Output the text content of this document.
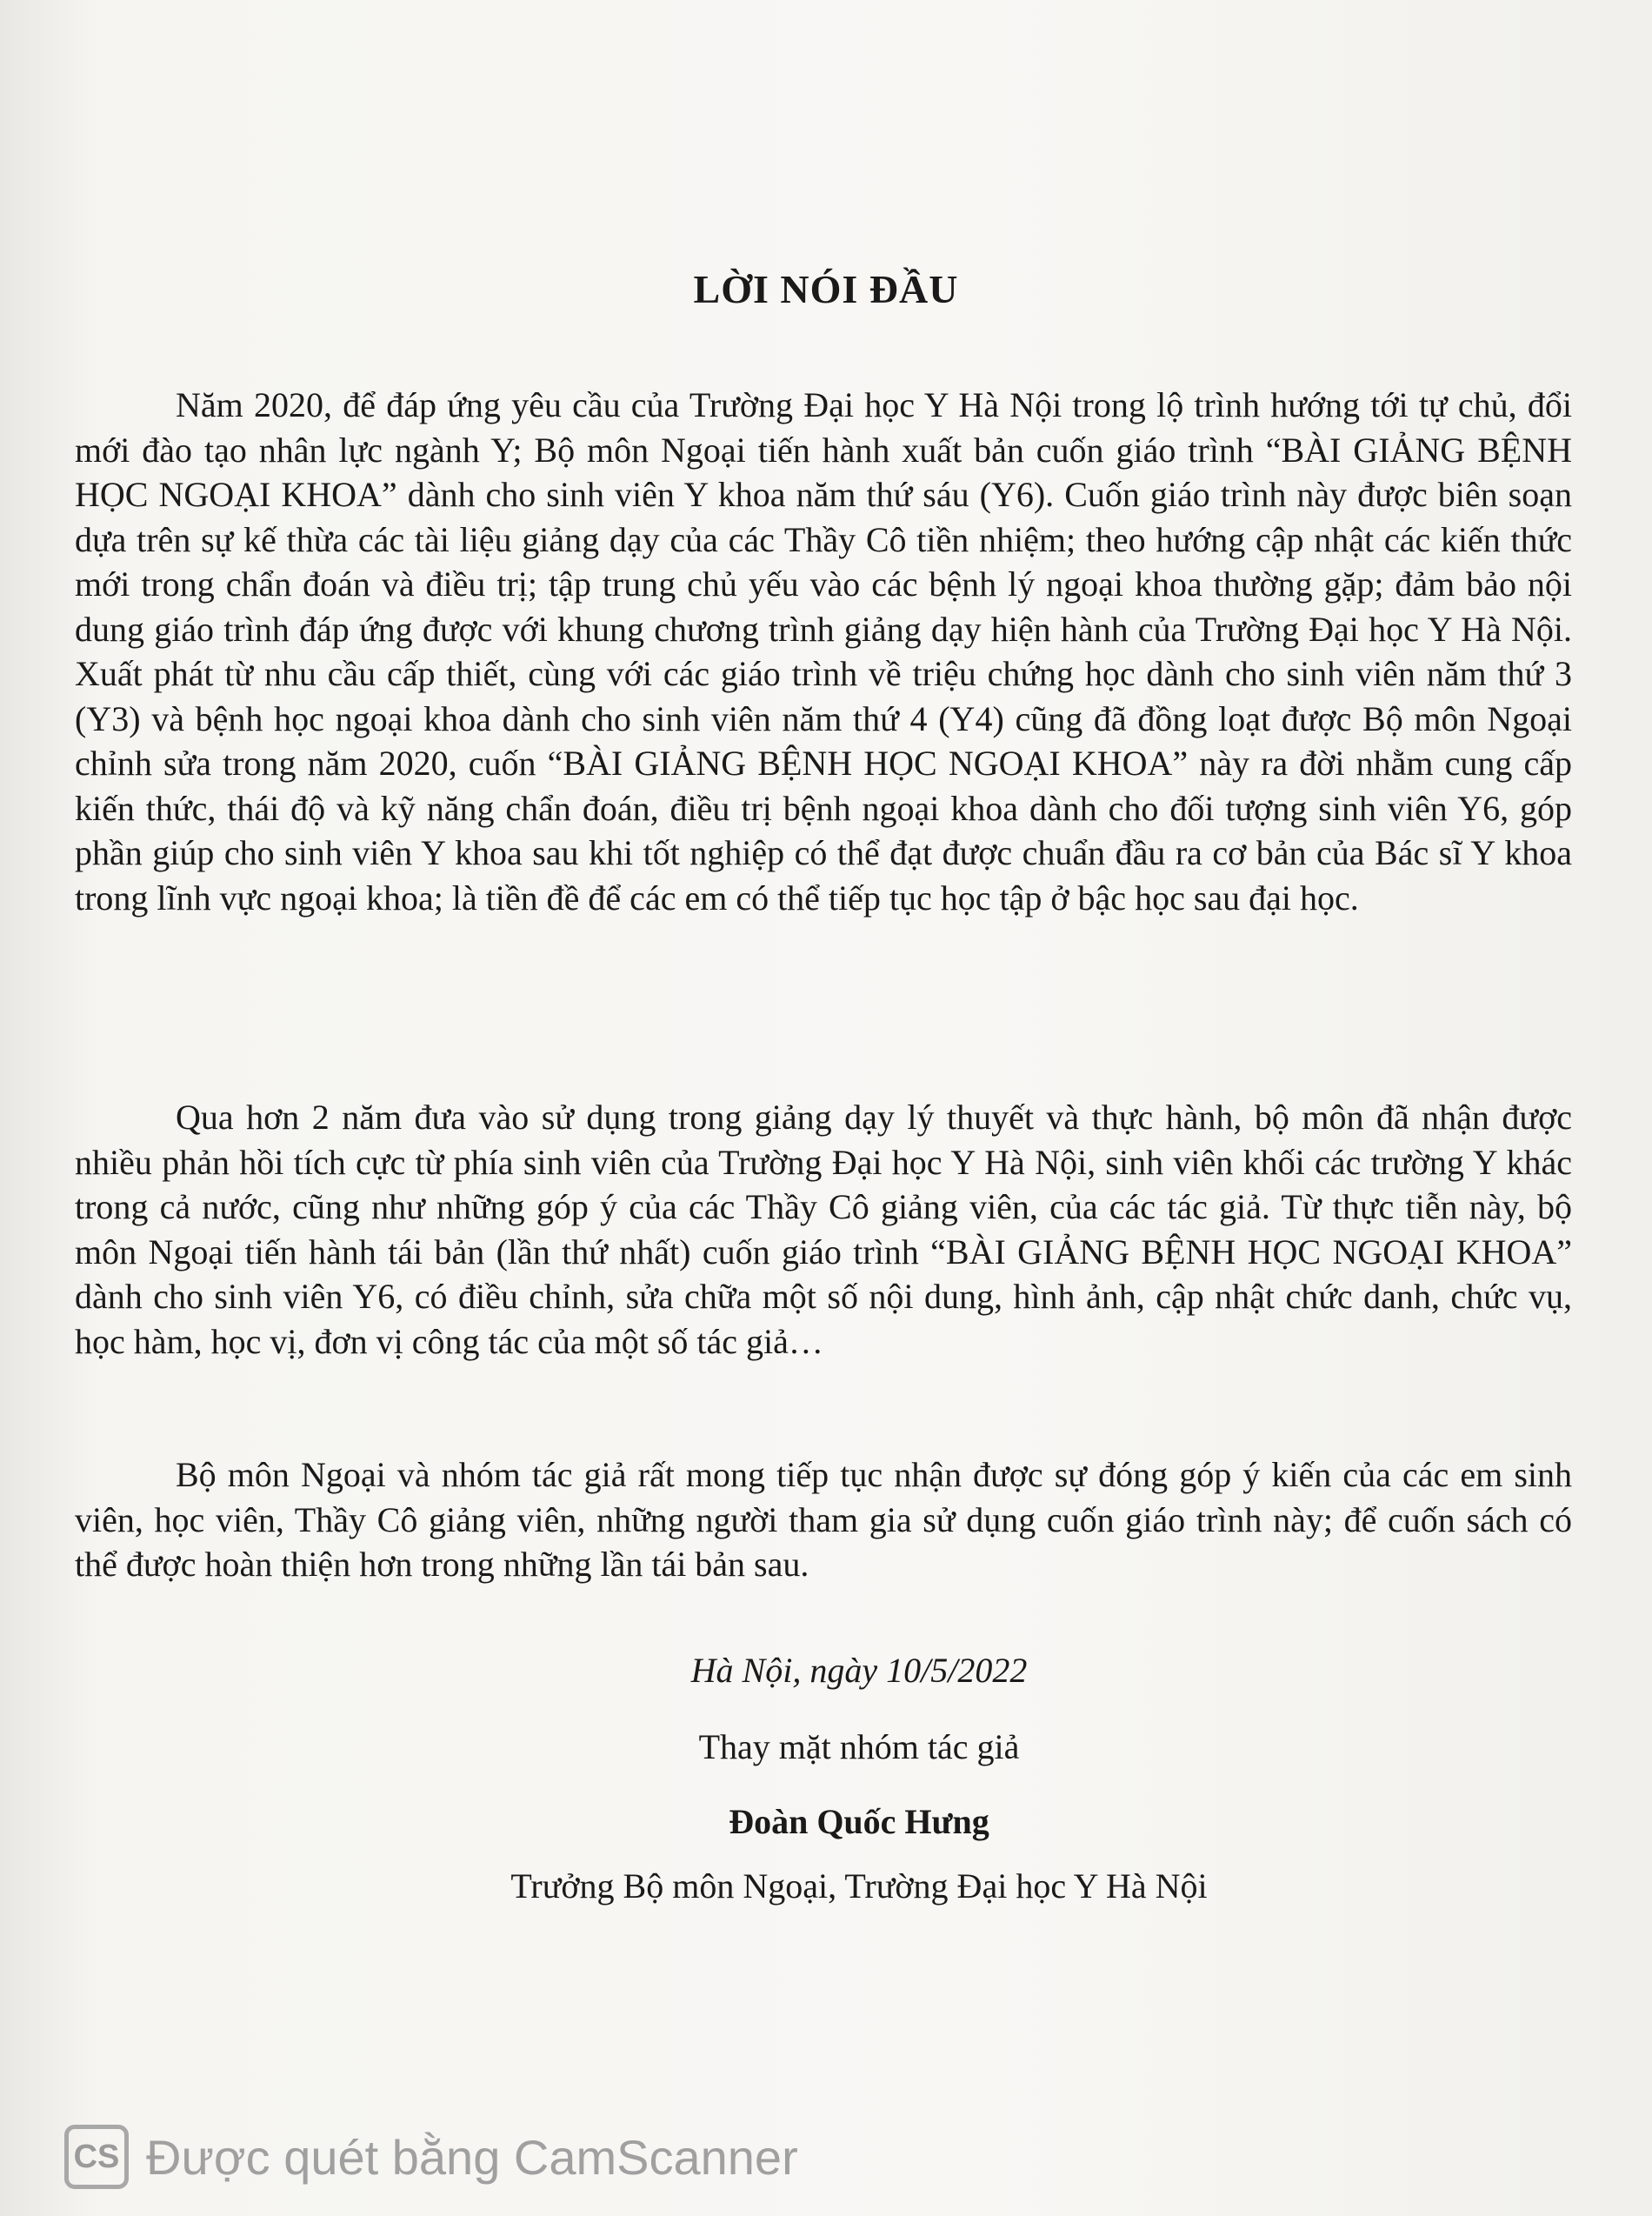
LỜI NÓI ĐẦU

Năm 2020, để đáp ứng yêu cầu của Trường Đại học Y Hà Nội trong lộ trình hướng tới tự chủ, đổi mới đào tạo nhân lực ngành Y; Bộ môn Ngoại tiến hành xuất bản cuốn giáo trình “BÀI GIẢNG BỆNH HỌC NGOẠI KHOA” dành cho sinh viên Y khoa năm thứ sáu (Y6). Cuốn giáo trình này được biên soạn dựa trên sự kế thừa các tài liệu giảng dạy của các Thầy Cô tiền nhiệm; theo hướng cập nhật các kiến thức mới trong chẩn đoán và điều trị; tập trung chủ yếu vào các bệnh lý ngoại khoa thường gặp; đảm bảo nội dung giáo trình đáp ứng được với khung chương trình giảng dạy hiện hành của Trường Đại học Y Hà Nội. Xuất phát từ nhu cầu cấp thiết, cùng với các giáo trình về triệu chứng học dành cho sinh viên năm thứ 3 (Y3) và bệnh học ngoại khoa dành cho sinh viên năm thứ 4 (Y4) cũng đã đồng loạt được Bộ môn Ngoại chỉnh sửa trong năm 2020, cuốn “BÀI GIẢNG BỆNH HỌC NGOẠI KHOA” này ra đời nhằm cung cấp kiến thức, thái độ và kỹ năng chẩn đoán, điều trị bệnh ngoại khoa dành cho đối tượng sinh viên Y6, góp phần giúp cho sinh viên Y khoa sau khi tốt nghiệp có thể đạt được chuẩn đầu ra cơ bản của Bác sĩ Y khoa trong lĩnh vực ngoại khoa; là tiền đề để các em có thể tiếp tục học tập ở bậc học sau đại học.

Qua hơn 2 năm đưa vào sử dụng trong giảng dạy lý thuyết và thực hành, bộ môn đã nhận được nhiều phản hồi tích cực từ phía sinh viên của Trường Đại học Y Hà Nội, sinh viên khối các trường Y khác trong cả nước, cũng như những góp ý của các Thầy Cô giảng viên, của các tác giả. Từ thực tiễn này, bộ môn Ngoại tiến hành tái bản (lần thứ nhất) cuốn giáo trình “BÀI GIẢNG BỆNH HỌC NGOẠI KHOA” dành cho sinh viên Y6, có điều chỉnh, sửa chữa một số nội dung, hình ảnh, cập nhật chức danh, chức vụ, học hàm, học vị, đơn vị công tác của một số tác giả…

Bộ môn Ngoại và nhóm tác giả rất mong tiếp tục nhận được sự đóng góp ý kiến của các em sinh viên, học viên, Thầy Cô giảng viên, những người tham gia sử dụng cuốn giáo trình này; để cuốn sách có thể được hoàn thiện hơn trong những lần tái bản sau.

Hà Nội, ngày 10/5/2022
Thay mặt nhóm tác giả
Đoàn Quốc Hưng
Trưởng Bộ môn Ngoại, Trường Đại học Y Hà Nội
CS Được quét bằng CamScanner
